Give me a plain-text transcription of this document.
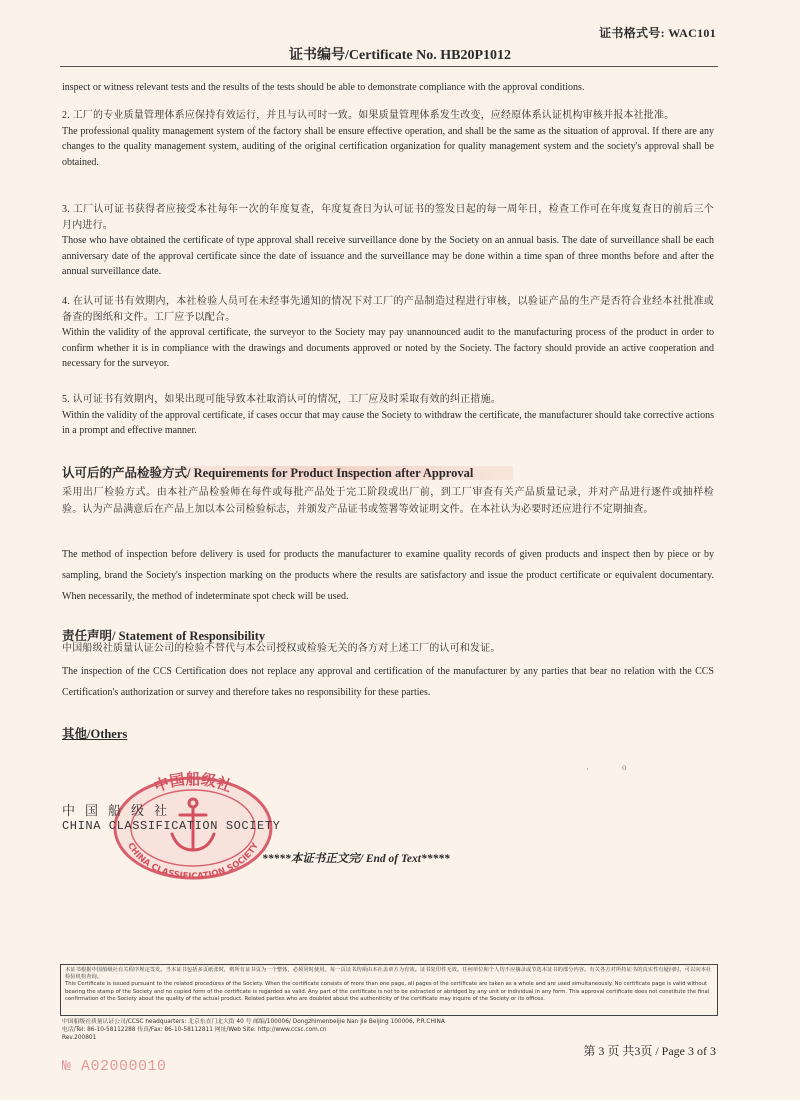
证书格式号: WAC101
证书编号/Certificate No. HB20P1012

inspect or witness relevant tests and the results of the tests should be able to demonstrate compliance with the approval conditions.

2. 工厂的专业质量管理体系应保持有效运行，并且与认可时一致。如果质量管理体系发生改变，应经原体系认证机构审核并报本社批准。

The professional quality management system of the factory shall be ensure effective operation, and shall be the same as the situation of approval. If there are any changes to the quality management system, auditing of the original certification organization for quality management system and the society's approval shall be obtained.

3. 工厂认可证书获得者应接受本社每年一次的年度复查，年度复查日为认可证书的签发日起的每一周年日，检查工作可在年度复查日的前后三个月内进行。

Those who have obtained the certificate of type approval shall receive surveillance done by the Society on an annual basis. The date of surveillance shall be each anniversary date of the approval certificate since the date of issuance and the surveillance may be done within a time span of three months before and after the annual surveillance date.

4. 在认可证书有效期内，本社检验人员可在未经事先通知的情况下对工厂的产品制造过程进行审核，以验证产品的生产是否符合业经本社批准或备查的图纸和文件。工厂应予以配合。

Within the validity of the approval certificate, the surveyor to the Society may pay unannounced audit to the manufacturing process of the product in order to confirm whether it is in compliance with the drawings and documents approved or noted by the Society. The factory should provide an active cooperation and necessary for the surveyor.

5. 认可证书有效期内，如果出现可能导致本社取消认可的情况，工厂应及时采取有效的纠正措施。

Within the validity of the approval certificate, if cases occur that may cause the Society to withdraw the certificate, the manufacturer should take corrective actions in a prompt and effective manner.

认可后的产品检验方式/ Requirements for Product Inspection after Approval

采用出厂检验方式。由本社产品检验师在每件或每批产品处于完工阶段或出厂前，到工厂审查有关产品质量记录，并对产品进行逐件或抽样检验。认为产品满意后在产品上加以本公司检验标志，并颁发产品证书或签署等效证明文件。在本社认为必要时还应进行不定期抽查。

The method of inspection before delivery is used for products the manufacturer to examine quality records of given products and inspect then by piece or by sampling, brand the Society's inspection marking on the products where the results are satisfactory and issue the product certificate or equivalent documentary. When necessarily, the method of indeterminate spot check will be used.

责任声明/ Statement of Responsibility

中国船级社质量认证公司的检验不替代与本公司授权或检验无关的各方对上述工厂的认可和发证。

The inspection of the CCS Certification does not replace any approval and certification of the manufacturer by any parties that bear no relation with the CCS Certification's authorization or survey and therefore takes no responsibility for these parties.

其他/Others
·	o
中国船级社
CHINA CLASSIFICATION SOCIETY
中国船级社
CHINA CLASSIFICATION SOCIETY
*****本证书正文完/ End of Text*****

本证书根据中国船级社有关程序规定签发。当本证书包括多页纸张时，则所有证书页为一个整体，必须同时使用。每一页证书均须由本社盖章方为有效。证书复印件无效。任何单位和个人均不应摘录或节选本证书的部分内容。有关各方对所持证书的真实性有疑问时，可以向本社检验机构查询。

This Certificate is issued pursuant to the related procedures of the Society. When the certificate consists of more than one page, all pages of the certificate are taken as a whole and are used simultaneously. No certificate page is valid without bearing the stamp of the Society and no copied form of the certificate is regarded as valid. Any part of the certificate is not to be extracted or abridged by any unit or individual in any form. This approval certificate does not constitute the final confirmation of the Society about the quality of the actual product. Related parties who are doubted about the authenticity of the certificate may inquire of the Society or its offices.

中国船级社质量认证公司/CCSC headquarters: 北京东直门北大街 40 号 邮编/100006/ Dongzhimenbeijie Nan Jie Beijing 100006, P.R.CHINA
电话/Tel: 86-10-58112288 传真/Fax: 86-10-58112811 网址/Web Site: http://www.ccsc.com.cn
Rev.200801
第 3 页 共3页 / Page 3 of 3
№ A02000010
